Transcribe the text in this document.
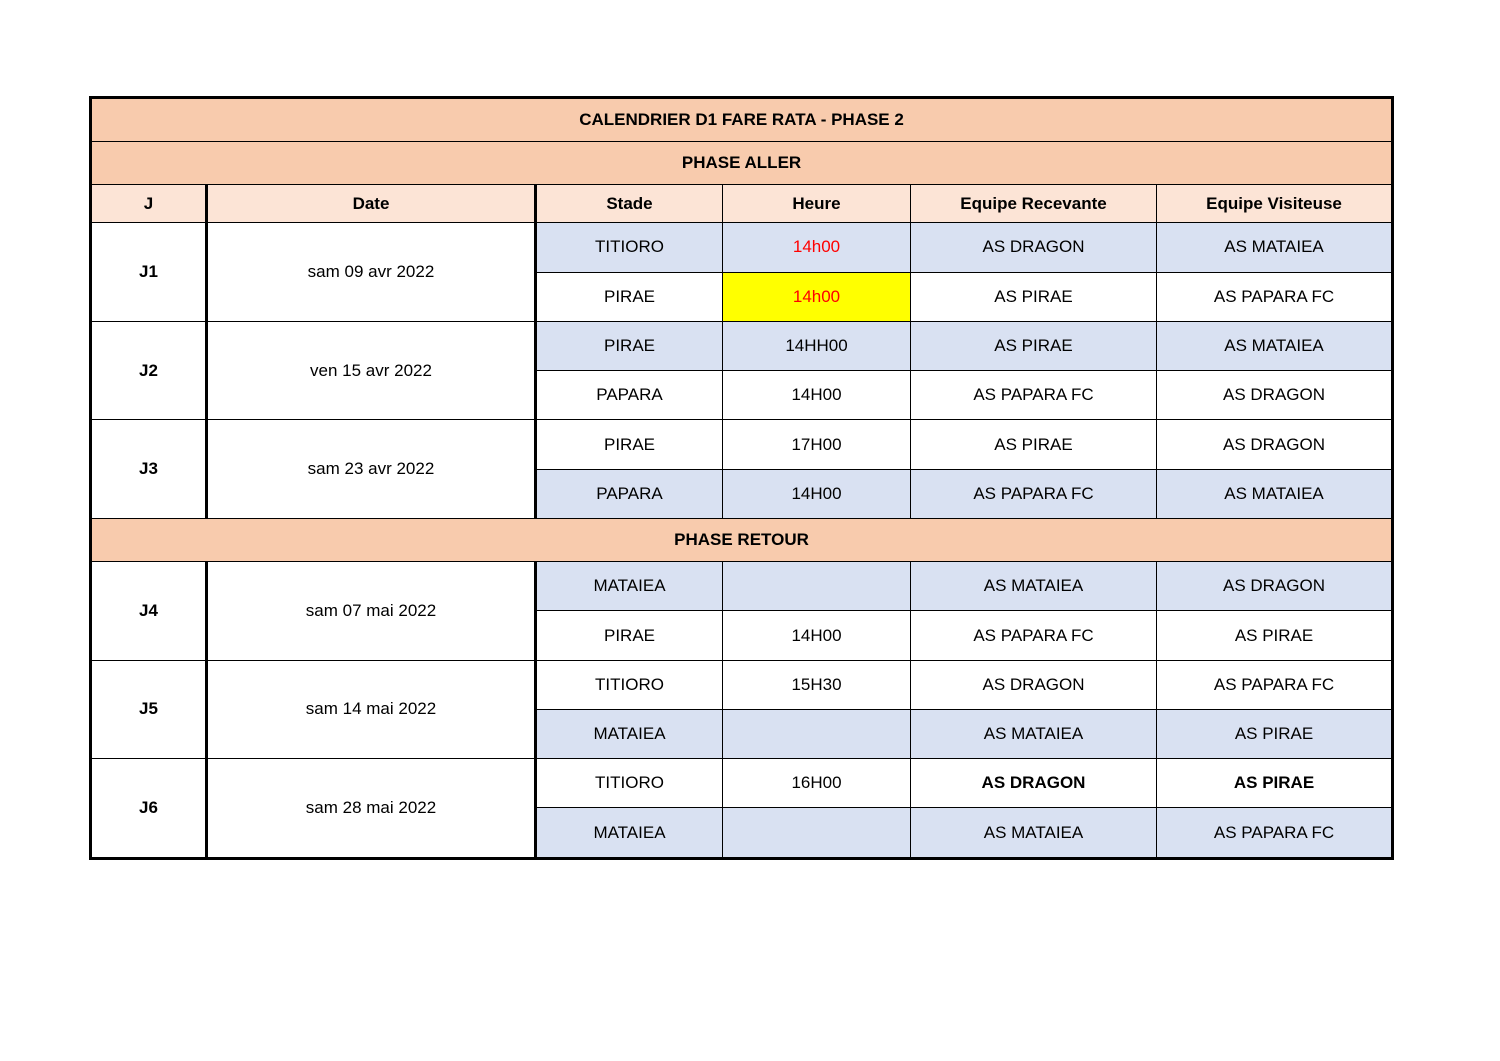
CALENDRIER D1 FARE RATA - PHASE 2					
PHASE ALLER					
J	Date	Stade	Heure	Equipe Recevante	Equipe Visiteuse
J1	sam 09 avr 2022	TITIORO	14h00	AS DRAGON	AS MATAIEA
		PIRAE	14h00	AS PIRAE	AS PAPARA FC
J2	ven 15 avr 2022	PIRAE	14HH00	AS PIRAE	AS MATAIEA
		PAPARA	14H00	AS PAPARA FC	AS DRAGON
J3	sam 23 avr 2022	PIRAE	17H00	AS PIRAE	AS DRAGON
		PAPARA	14H00	AS PAPARA FC	AS MATAIEA
PHASE RETOUR					
J4	sam 07 mai 2022	MATAIEA		AS MATAIEA	AS DRAGON
		PIRAE	14H00	AS PAPARA FC	AS PIRAE
J5	sam 14 mai 2022	TITIORO	15H30	AS DRAGON	AS PAPARA FC
		MATAIEA		AS MATAIEA	AS PIRAE
J6	sam 28 mai 2022	TITIORO	16H00	AS DRAGON	AS PIRAE
		MATAIEA		AS MATAIEA	AS PAPARA FC
